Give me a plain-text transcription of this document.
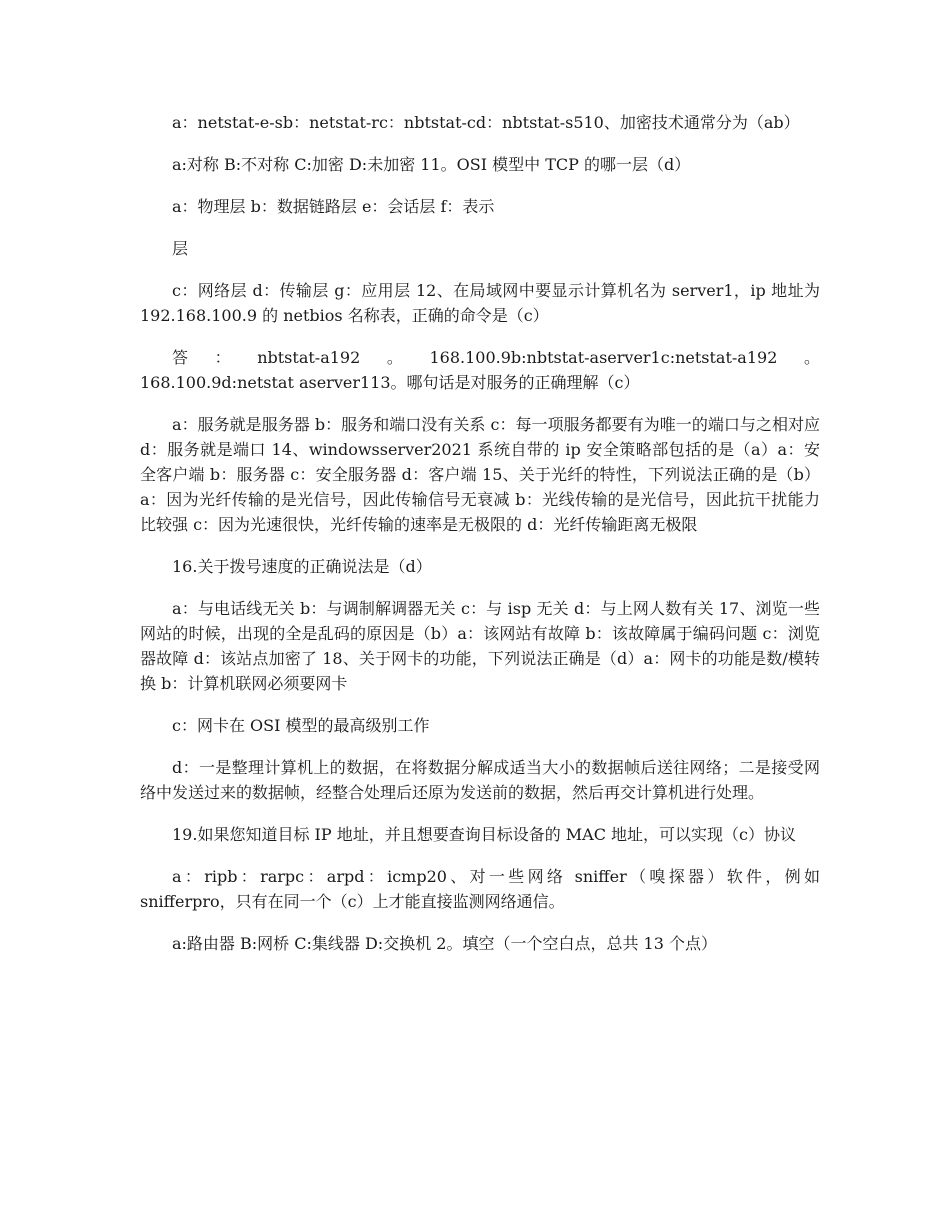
a：netstat-e-sb：netstat-rc：nbtstat-cd：nbtstat-s510、加密技术通常分为（ab）

a:对称 B:不对称 C:加密 D:未加密 11。OSI 模型中 TCP 的哪一层（d）

a：物理层 b：数据链路层 e：会话层 f：表示

层

c：网络层 d：传输层 g：应用层 12、在局域网中要显示计算机名为 server1，ip 地址为 192.168.100.9 的 netbios 名称表，正确的命令是（c）

答：nbtstat-a192。168.100.9b:nbtstat-aserver1c:netstat-a192。168.100.9d:netstat aserver113。哪句话是对服务的正确理解（c）

a：服务就是服务器 b：服务和端口没有关系 c：每一项服务都要有为唯一的端口与之相对应 d：服务就是端口 14、windowsserver2021 系统自带的 ip 安全策略部包括的是（a）a：安全客户端 b：服务器 c：安全服务器 d：客户端 15、关于光纤的特性，下列说法正确的是（b）a：因为光纤传输的是光信号，因此传输信号无衰减 b：光线传输的是光信号，因此抗干扰能力比较强 c：因为光速很快，光纤传输的速率是无极限的 d：光纤传输距离无极限

16.关于拨号速度的正确说法是（d）

a：与电话线无关 b：与调制解调器无关 c：与 isp 无关 d：与上网人数有关 17、浏览一些网站的时候，出现的全是乱码的原因是（b）a：该网站有故障 b：该故障属于编码问题 c：浏览器故障 d：该站点加密了 18、关于网卡的功能，下列说法正确是（d）a：网卡的功能是数/模转换 b：计算机联网必须要网卡

c：网卡在 OSI 模型的最高级别工作

d：一是整理计算机上的数据，在将数据分解成适当大小的数据帧后送往网络；二是接受网络中发送过来的数据帧，经整合处理后还原为发送前的数据，然后再交计算机进行处理。

19.如果您知道目标 IP 地址，并且想要查询目标设备的 MAC 地址，可以实现（c）协议

a：ripb：rarpc：arpd：icmp20、对一些网络 sniffer（嗅探器）软件，例如 snifferpro，只有在同一个（c）上才能直接监测网络通信。

a:路由器 B:网桥 C:集线器 D:交换机 2。填空（一个空白点，总共 13 个点）
